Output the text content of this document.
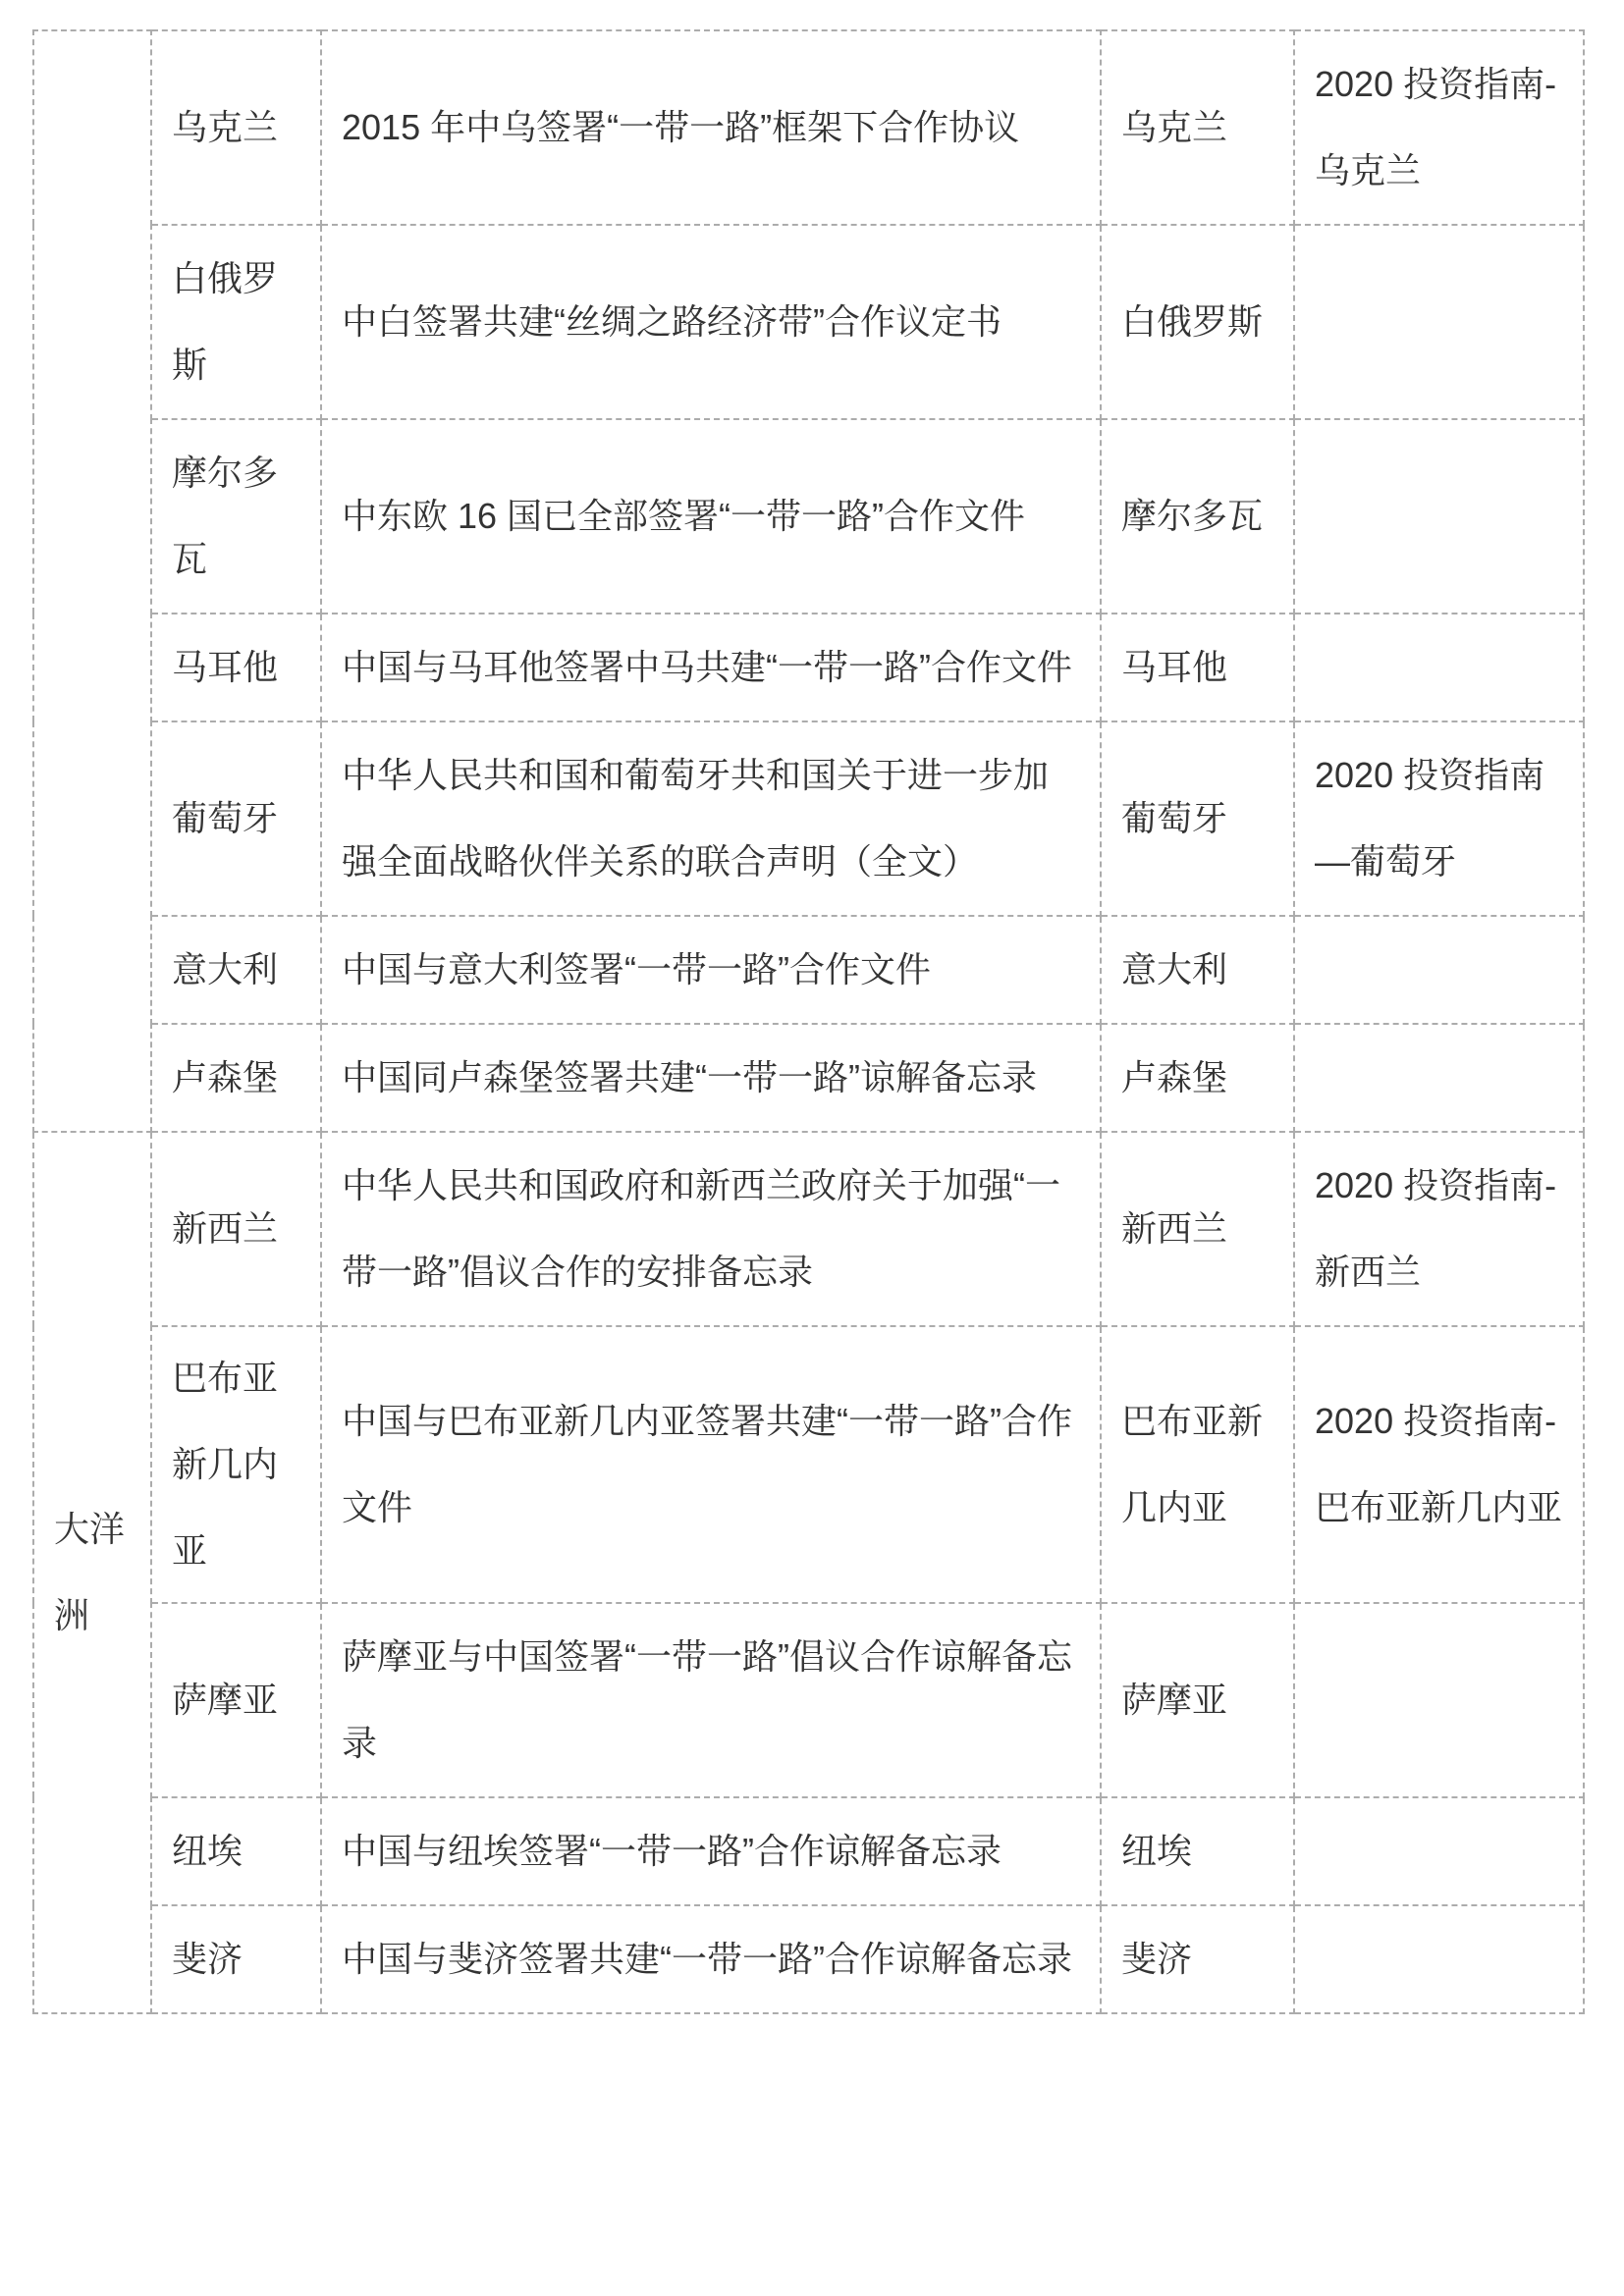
	乌克兰	2015 年中乌签署“一带一路”框架下合作协议	乌克兰	2020 投资指南-乌克兰
	白俄罗斯	中白签署共建“丝绸之路经济带”合作议定书	白俄罗斯	
	摩尔多瓦	中东欧 16 国已全部签署“一带一路”合作文件	摩尔多瓦	
	马耳他	中国与马耳他签署中马共建“一带一路”合作文件	马耳他	
	葡萄牙	中华人民共和国和葡萄牙共和国关于进一步加强全面战略伙伴关系的联合声明（全文）	葡萄牙	2020 投资指南—葡萄牙
	意大利	中国与意大利签署“一带一路”合作文件	意大利	
	卢森堡	中国同卢森堡签署共建“一带一路”谅解备忘录	卢森堡	
大洋洲	新西兰	中华人民共和国政府和新西兰政府关于加强“一带一路”倡议合作的安排备忘录	新西兰	2020 投资指南-新西兰
	巴布亚新几内亚	中国与巴布亚新几内亚签署共建“一带一路”合作文件	巴布亚新几内亚	2020 投资指南-巴布亚新几内亚
	萨摩亚	萨摩亚与中国签署“一带一路”倡议合作谅解备忘录	萨摩亚	
	纽埃	中国与纽埃签署“一带一路”合作谅解备忘录	纽埃	
	斐济	中国与斐济签署共建“一带一路”合作谅解备忘录	斐济	
